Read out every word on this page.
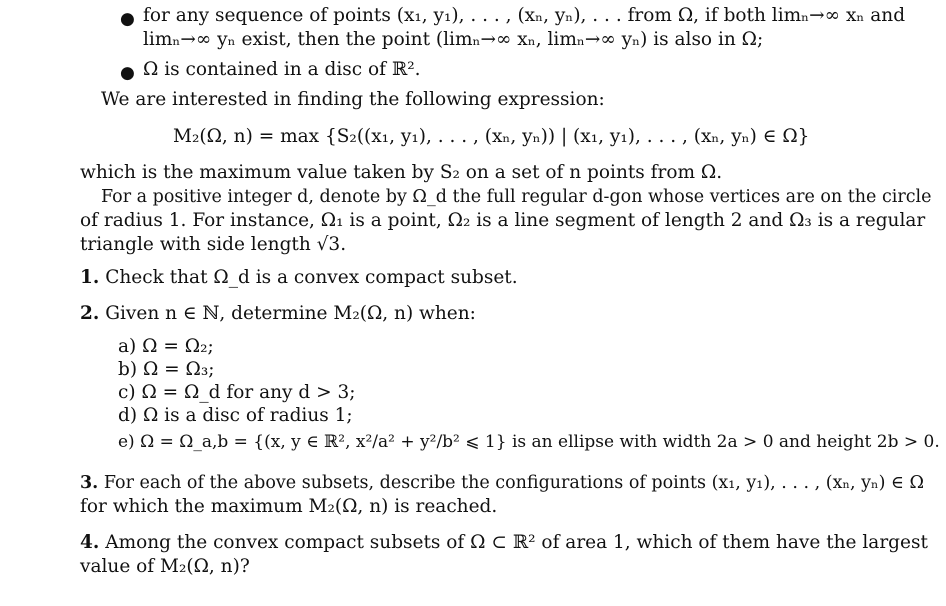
● for any sequence of points (x₁, y₁), . . . , (xₙ, yₙ), . . . from Ω, if both limₙ→∞ xₙ and
limₙ→∞ yₙ exist, then the point (limₙ→∞ xₙ, limₙ→∞ yₙ) is also in Ω;
● Ω is contained in a disc of ℝ².
We are interested in finding the following expression:
M₂(Ω, n) = max {S₂((x₁, y₁), . . . , (xₙ, yₙ)) | (x₁, y₁), . . . , (xₙ, yₙ) ∈ Ω}
which is the maximum value taken by S₂ on a set of n points from Ω.
For a positive integer d, denote by Ω_d the full regular d-gon whose vertices are on the circle
of radius 1. For instance, Ω₁ is a point, Ω₂ is a line segment of length 2 and Ω₃ is a regular
triangle with side length √3.
1. Check that Ω_d is a convex compact subset.
2. Given n ∈ ℕ, determine M₂(Ω, n) when:
a) Ω = Ω₂;
b) Ω = Ω₃;
c) Ω = Ω_d for any d > 3;
d) Ω is a disc of radius 1;
e) Ω = Ω_a,b = {(x, y ∈ ℝ², x²/a² + y²/b² ⩽ 1} is an ellipse with width 2a > 0 and height 2b > 0.
3. For each of the above subsets, describe the configurations of points (x₁, y₁), . . . , (xₙ, yₙ) ∈ Ω
for which the maximum M₂(Ω, n) is reached.
4. Among the convex compact subsets of Ω ⊂ ℝ² of area 1, which of them have the largest
value of M₂(Ω, n)?
